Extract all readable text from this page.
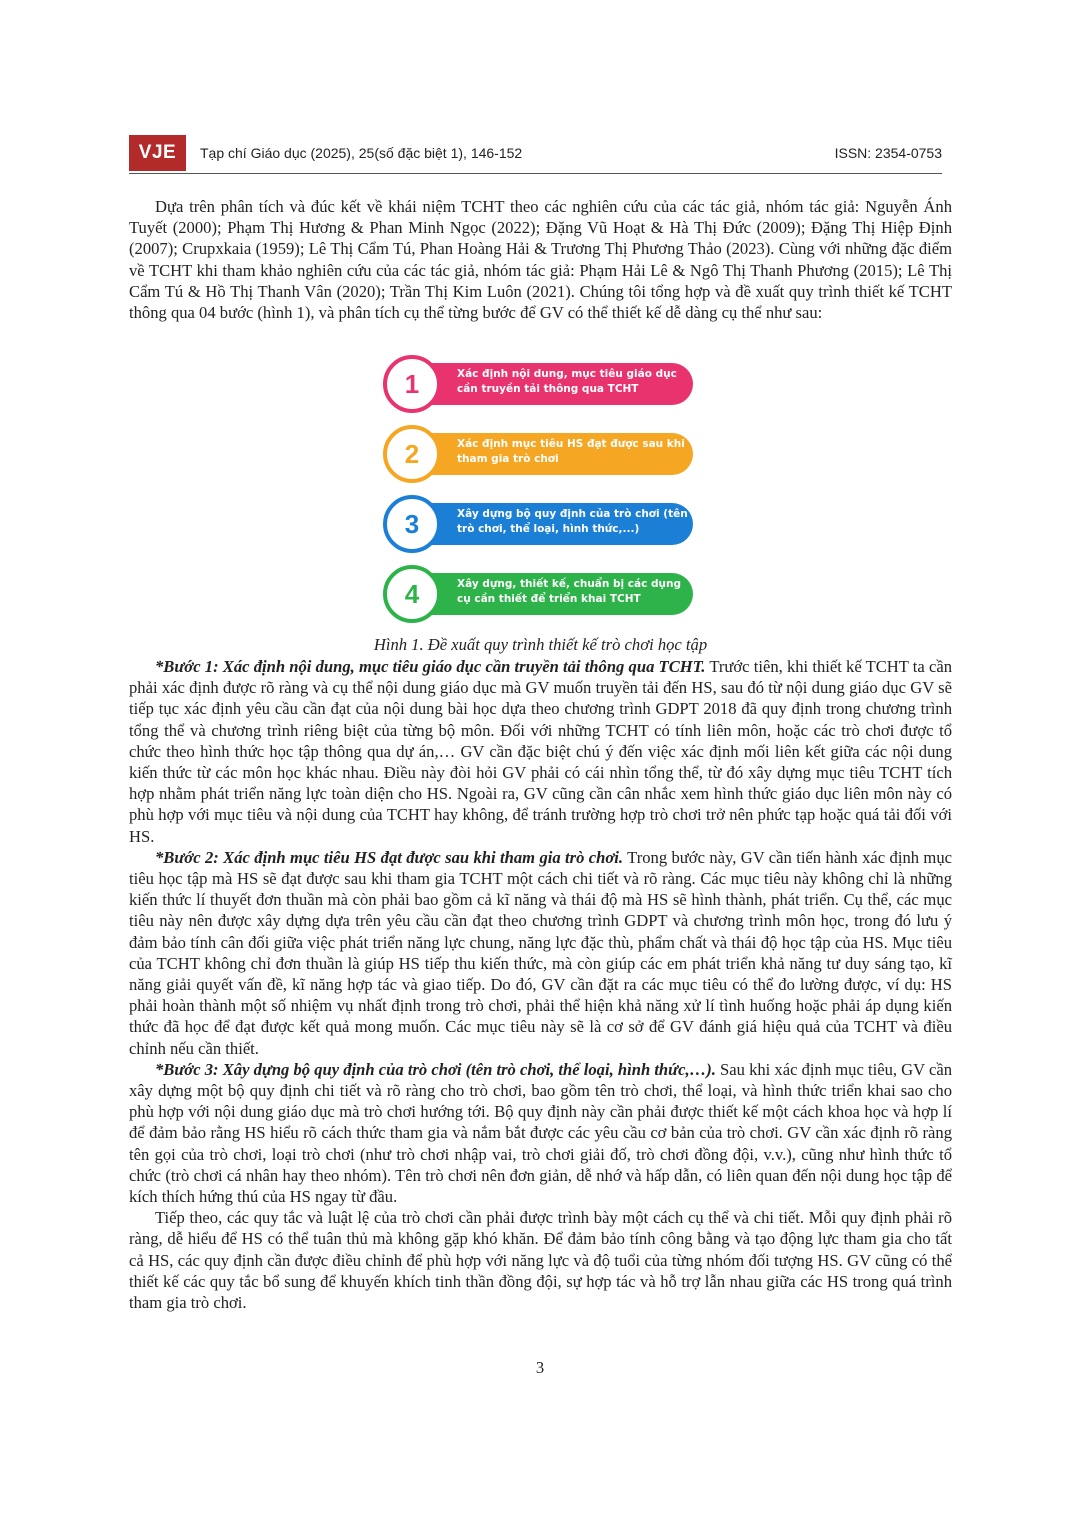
VJE	Tạp chí Giáo dục (2025), 25(số đặc biệt 1), 146-152	ISSN: 2354-0753

Dựa trên phân tích và đúc kết về khái niệm TCHT theo các nghiên cứu của các tác giả, nhóm tác giả: Nguyễn Ánh Tuyết (2000); Phạm Thị Hương & Phan Minh Ngọc (2022); Đặng Vũ Hoạt & Hà Thị Đức (2009); Đặng Thị Hiệp Định (2007); Crupxkaia (1959); Lê Thị Cẩm Tú, Phan Hoàng Hải & Trương Thị Phương Thảo (2023). Cùng với những đặc điểm về TCHT khi tham khảo nghiên cứu của các tác giả, nhóm tác giả: Phạm Hải Lê & Ngô Thị Thanh Phương (2015); Lê Thị Cẩm Tú & Hồ Thị Thanh Vân (2020); Trần Thị Kim Luôn (2021). Chúng tôi tổng hợp và đề xuất quy trình thiết kế TCHT thông qua 04 bước (hình 1), và phân tích cụ thể từng bước để GV có thể thiết kế dễ dàng cụ thể như sau:

1	Xác định nội dung, mục tiêu giáo dục cần truyền tải thông qua TCHT
2	Xác định mục tiêu HS đạt được sau khi tham gia trò chơi
3	Xây dựng bộ quy định của trò chơi (tên trò chơi, thể loại, hình thức,...)
4	Xây dựng, thiết kế, chuẩn bị các dụng cụ cần thiết để triển khai TCHT
Hình 1. Đề xuất quy trình thiết kế trò chơi học tập

*Bước 1: Xác định nội dung, mục tiêu giáo dục cần truyền tải thông qua TCHT. Trước tiên, khi thiết kế TCHT ta cần phải xác định được rõ ràng và cụ thể nội dung giáo dục mà GV muốn truyền tải đến HS, sau đó từ nội dung giáo dục GV sẽ tiếp tục xác định yêu cầu cần đạt của nội dung bài học dựa theo chương trình GDPT 2018 đã quy định trong chương trình tổng thể và chương trình riêng biệt của từng bộ môn. Đối với những TCHT có tính liên môn, hoặc các trò chơi được tổ chức theo hình thức học tập thông qua dự án,… GV cần đặc biệt chú ý đến việc xác định mối liên kết giữa các nội dung kiến thức từ các môn học khác nhau. Điều này đòi hỏi GV phải có cái nhìn tổng thể, từ đó xây dựng mục tiêu TCHT tích hợp nhằm phát triển năng lực toàn diện cho HS. Ngoài ra, GV cũng cần cân nhắc xem hình thức giáo dục liên môn này có phù hợp với mục tiêu và nội dung của TCHT hay không, để tránh trường hợp trò chơi trở nên phức tạp hoặc quá tải đối với HS.

*Bước 2: Xác định mục tiêu HS đạt được sau khi tham gia trò chơi. Trong bước này, GV cần tiến hành xác định mục tiêu học tập mà HS sẽ đạt được sau khi tham gia TCHT một cách chi tiết và rõ ràng. Các mục tiêu này không chỉ là những kiến thức lí thuyết đơn thuần mà còn phải bao gồm cả kĩ năng và thái độ mà HS sẽ hình thành, phát triển. Cụ thể, các mục tiêu này nên được xây dựng dựa trên yêu cầu cần đạt theo chương trình GDPT và chương trình môn học, trong đó lưu ý đảm bảo tính cân đối giữa việc phát triển năng lực chung, năng lực đặc thù, phẩm chất và thái độ học tập của HS. Mục tiêu của TCHT không chỉ đơn thuần là giúp HS tiếp thu kiến thức, mà còn giúp các em phát triển khả năng tư duy sáng tạo, kĩ năng giải quyết vấn đề, kĩ năng hợp tác và giao tiếp. Do đó, GV cần đặt ra các mục tiêu có thể đo lường được, ví dụ: HS phải hoàn thành một số nhiệm vụ nhất định trong trò chơi, phải thể hiện khả năng xử lí tình huống hoặc phải áp dụng kiến thức đã học để đạt được kết quả mong muốn. Các mục tiêu này sẽ là cơ sở để GV đánh giá hiệu quả của TCHT và điều chỉnh nếu cần thiết.

*Bước 3: Xây dựng bộ quy định của trò chơi (tên trò chơi, thể loại, hình thức,…). Sau khi xác định mục tiêu, GV cần xây dựng một bộ quy định chi tiết và rõ ràng cho trò chơi, bao gồm tên trò chơi, thể loại, và hình thức triển khai sao cho phù hợp với nội dung giáo dục mà trò chơi hướng tới. Bộ quy định này cần phải được thiết kế một cách khoa học và hợp lí để đảm bảo rằng HS hiểu rõ cách thức tham gia và nắm bắt được các yêu cầu cơ bản của trò chơi. GV cần xác định rõ ràng tên gọi của trò chơi, loại trò chơi (như trò chơi nhập vai, trò chơi giải đố, trò chơi đồng đội, v.v.), cũng như hình thức tổ chức (trò chơi cá nhân hay theo nhóm). Tên trò chơi nên đơn giản, dễ nhớ và hấp dẫn, có liên quan đến nội dung học tập để kích thích hứng thú của HS ngay từ đầu.

Tiếp theo, các quy tắc và luật lệ của trò chơi cần phải được trình bày một cách cụ thể và chi tiết. Mỗi quy định phải rõ ràng, dễ hiểu để HS có thể tuân thủ mà không gặp khó khăn. Để đảm bảo tính công bằng và tạo động lực tham gia cho tất cả HS, các quy định cần được điều chỉnh để phù hợp với năng lực và độ tuổi của từng nhóm đối tượng HS. GV cũng có thể thiết kế các quy tắc bổ sung để khuyến khích tinh thần đồng đội, sự hợp tác và hỗ trợ lẫn nhau giữa các HS trong quá trình tham gia trò chơi.

3
